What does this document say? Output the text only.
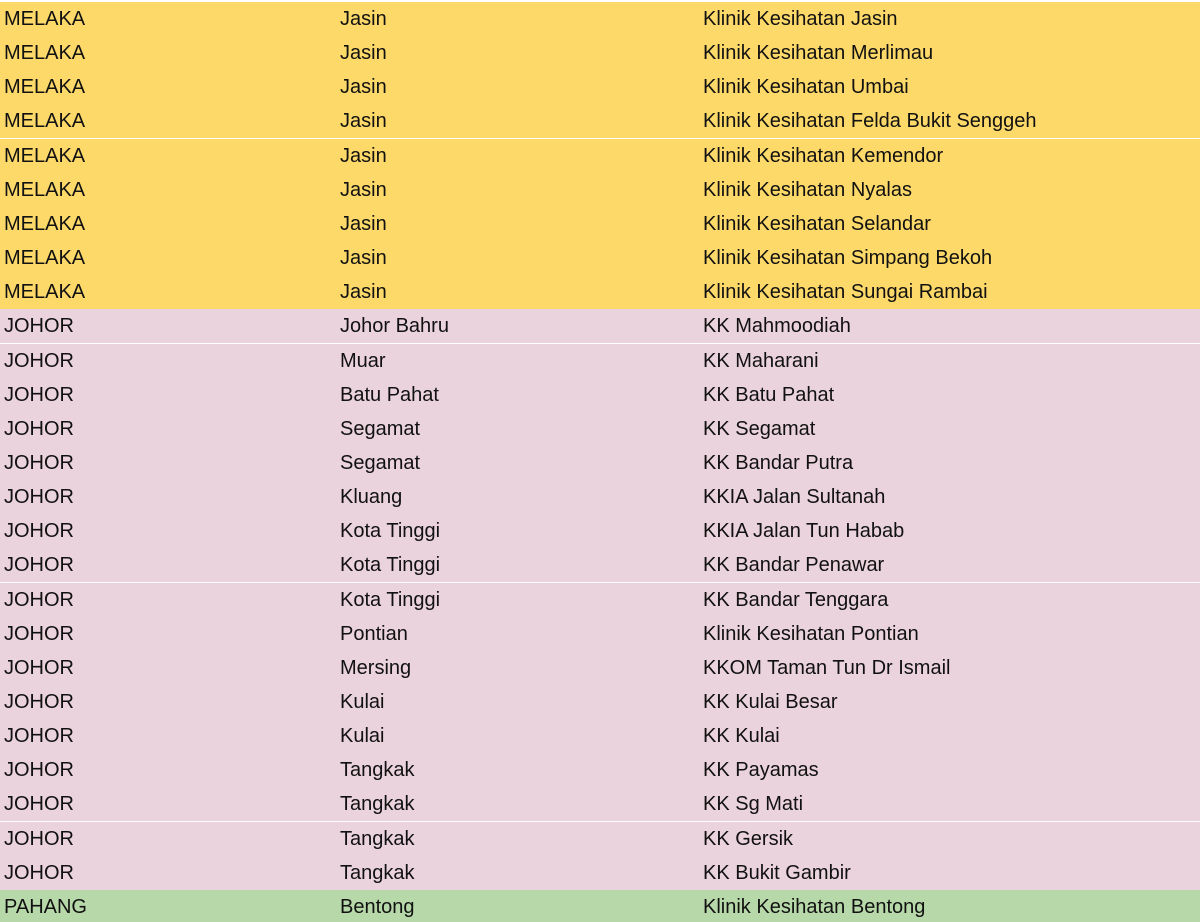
MELAKA	Jasin	Klinik Kesihatan Jasin
MELAKA	Jasin	Klinik Kesihatan Merlimau
MELAKA	Jasin	Klinik Kesihatan Umbai
MELAKA	Jasin	Klinik Kesihatan Felda Bukit Senggeh
MELAKA	Jasin	Klinik Kesihatan Kemendor
MELAKA	Jasin	Klinik Kesihatan Nyalas
MELAKA	Jasin	Klinik Kesihatan Selandar
MELAKA	Jasin	Klinik Kesihatan Simpang Bekoh
MELAKA	Jasin	Klinik Kesihatan Sungai Rambai
JOHOR	Johor Bahru	KK Mahmoodiah
JOHOR	Muar	KK Maharani
JOHOR	Batu Pahat	KK Batu Pahat
JOHOR	Segamat	KK Segamat
JOHOR	Segamat	KK Bandar Putra
JOHOR	Kluang	KKIA Jalan Sultanah
JOHOR	Kota Tinggi	KKIA Jalan Tun Habab
JOHOR	Kota Tinggi	KK Bandar Penawar
JOHOR	Kota Tinggi	KK Bandar Tenggara
JOHOR	Pontian	Klinik Kesihatan Pontian
JOHOR	Mersing	KKOM Taman Tun Dr Ismail
JOHOR	Kulai	KK Kulai Besar
JOHOR	Kulai	KK Kulai
JOHOR	Tangkak	KK Payamas
JOHOR	Tangkak	KK Sg Mati
JOHOR	Tangkak	KK Gersik
JOHOR	Tangkak	KK Bukit Gambir
PAHANG	Bentong	Klinik Kesihatan Bentong
